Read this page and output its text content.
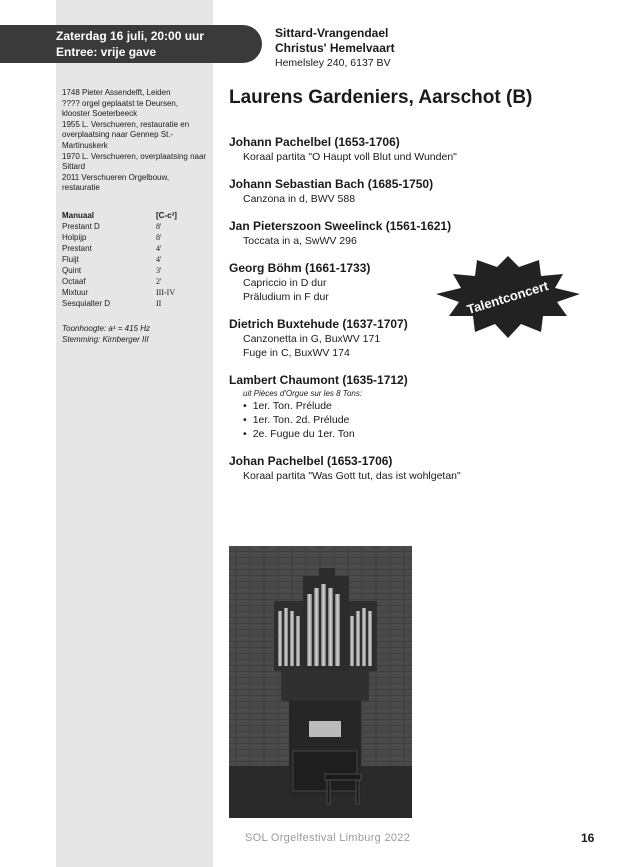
Zaterdag 16 juli, 20:00 uur
Entree: vrije gave
Sittard-Vrangendael
Christus' Hemelvaart
Hemelsley 240, 6137 BV
1748 Pieter Assendelft, Leiden
???? orgel geplaatst te Deursen, klooster Soeterbeeck
1955 L. Verschueren, restauratie en overplaatsing naar Gennep St.-Martinuskerk
1970 L. Verschueren, overplaatsing naar Sittard
2011 Verschueren Orgelbouw, restauratie
Manuaal	[C-c³]
Prestant D	8'
Holpijp	8'
Prestant	4'
Fluijt	4'
Quint	3'
Octaaf	2'
Mixtuur	III-IV
Sesquialter D	II
Toonhoogte: a¹ = 415 Hz
Stemming: Kirnberger III
Laurens Gardeniers, Aarschot (B)
Johann Pachelbel (1653-1706)
Koraal partita "O Haupt voll Blut und Wunden"
Johann Sebastian Bach (1685-1750)
Canzona in d, BWV 588
Jan Pieterszoon Sweelinck (1561-1621)
Toccata in a, SwWV 296
Georg Böhm (1661-1733)
Capriccio in D dur
Präludium in F dur
Dietrich Buxtehude (1637-1707)
Canzonetta in G, BuxWV 171
Fuge in C, BuxWV 174
Lambert Chaumont (1635-1712)
uit Pièces d'Orgue sur les 8 Tons:
• 1er. Ton. Prélude
• 1er. Ton. 2d. Prélude
• 2e. Fugue du 1er. Ton
Johan Pachelbel (1653-1706)
Koraal partita "Was Gott tut, das ist wohlgetan"
Talentconcert
SOL Orgelfestival Limburg 2022	16
